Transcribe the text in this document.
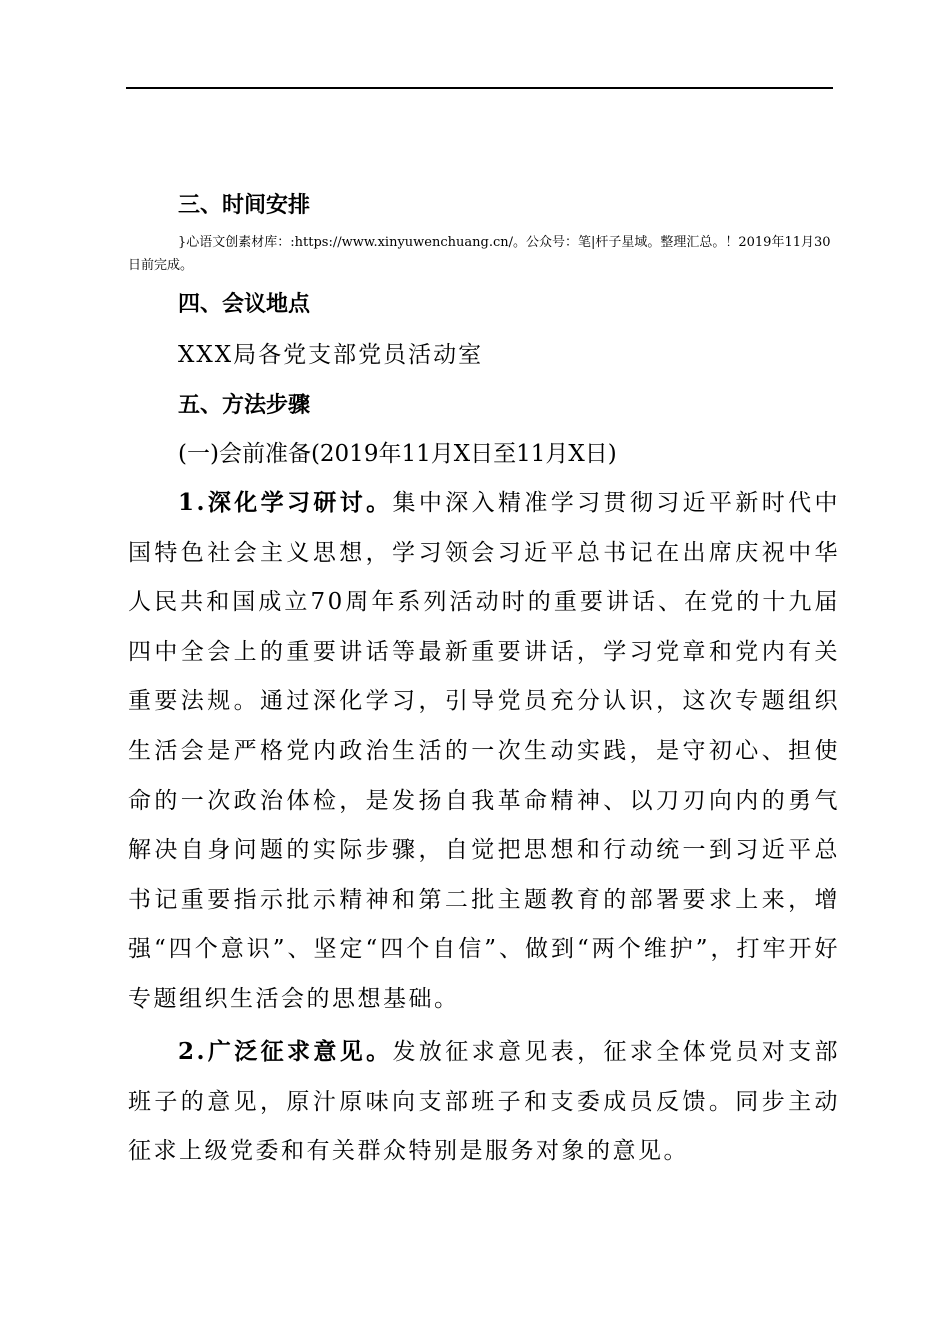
三、时间安排

}心语文创素材库：:https://www.xinyuwenchuang.cn/。公众号：笔|杆子星域。整理汇总。！2019年11月30日前完成。

四、会议地点

XXX局各党支部党员活动室

五、方法步骤

(一)会前准备(2019年11月X日至11月X日)

1.深化学习研讨。集中深入精准学习贯彻习近平新时代中国特色社会主义思想，学习领会习近平总书记在出席庆祝中华人民共和国成立70周年系列活动时的重要讲话、在党的十九届四中全会上的重要讲话等最新重要讲话，学习党章和党内有关重要法规。通过深化学习，引导党员充分认识，这次专题组织生活会是严格党内政治生活的一次生动实践，是守初心、担使命的一次政治体检，是发扬自我革命精神、以刀刃向内的勇气解决自身问题的实际步骤，自觉把思想和行动统一到习近平总书记重要指示批示精神和第二批主题教育的部署要求上来，增强“四个意识”、坚定“四个自信”、做到“两个维护”，打牢开好专题组织生活会的思想基础。

2.广泛征求意见。发放征求意见表，征求全体党员对支部班子的意见，原汁原味向支部班子和支委成员反馈。同步主动征求上级党委和有关群众特别是服务对象的意见。
